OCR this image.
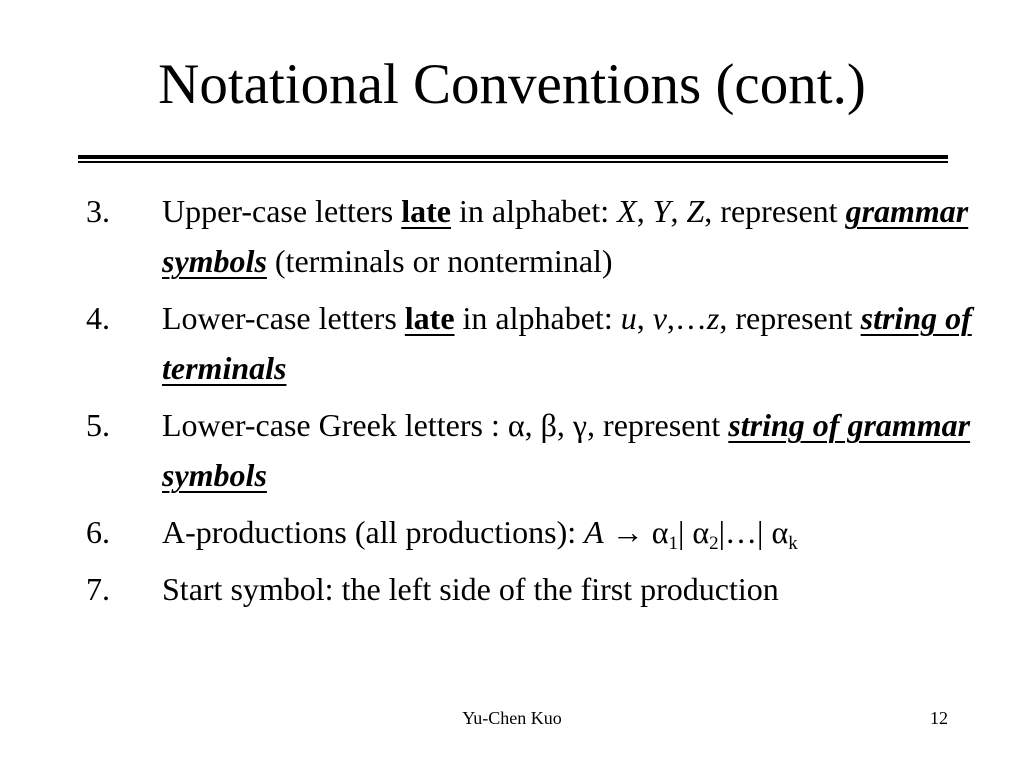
Notational Conventions (cont.)
3. Upper-case letters late in alphabet: X, Y, Z, represent grammar symbols (terminals or nonterminal)
4. Lower-case letters late in alphabet: u, v,…z, represent string of terminals
5. Lower-case Greek letters : α, β, γ, represent string of grammar symbols
6. A-productions (all productions): $A \to \alpha_1|$ $\alpha_2|\dots|$ $\alpha_k$
7. Start symbol: the left side of the first production
Yu-Chen Kuo	12
